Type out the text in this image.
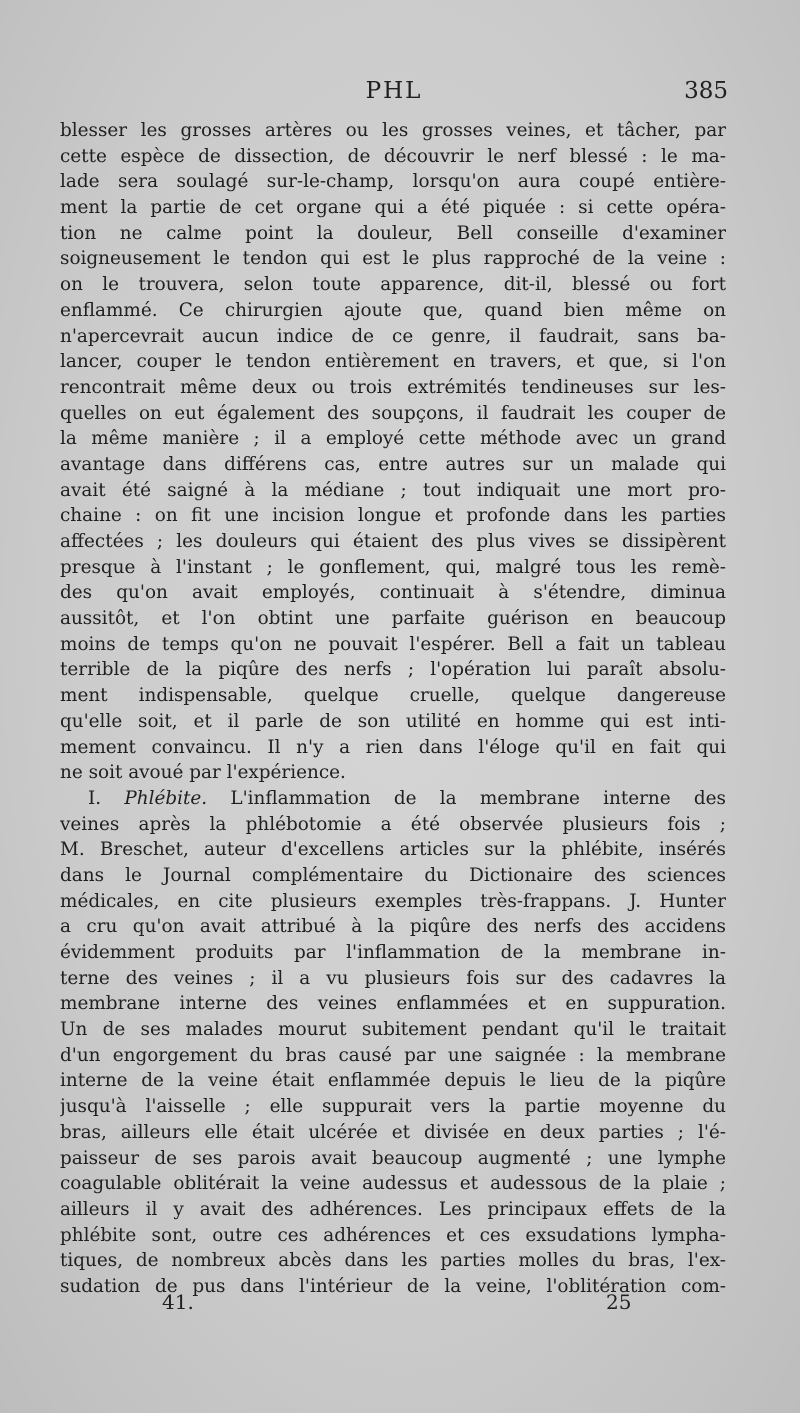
PHL	385
blesser les grosses artères ou les grosses veines, et tâcher, par
cette espèce de dissection, de découvrir le nerf blessé : le ma-
lade sera soulagé sur-le-champ, lorsqu'on aura coupé entière-
ment la partie de cet organe qui a été piquée : si cette opéra-
tion ne calme point la douleur, Bell conseille d'examiner
soigneusement le tendon qui est le plus rapproché de la veine :
on le trouvera, selon toute apparence, dit-il, blessé ou fort
enflammé. Ce chirurgien ajoute que, quand bien même on
n'apercevrait aucun indice de ce genre, il faudrait, sans ba-
lancer, couper le tendon entièrement en travers, et que, si l'on
rencontrait même deux ou trois extrémités tendineuses sur les-
quelles on eut également des soupçons, il faudrait les couper de
la même manière ; il a employé cette méthode avec un grand
avantage dans différens cas, entre autres sur un malade qui
avait été saigné à la médiane ; tout indiquait une mort pro-
chaine : on fit une incision longue et profonde dans les parties
affectées ; les douleurs qui étaient des plus vives se dissipèrent
presque à l'instant ; le gonflement, qui, malgré tous les remè-
des qu'on avait employés, continuait à s'étendre, diminua
aussitôt, et l'on obtint une parfaite guérison en beaucoup
moins de temps qu'on ne pouvait l'espérer. Bell a fait un tableau
terrible de la piqûre des nerfs ; l'opération lui paraît absolu-
ment indispensable, quelque cruelle, quelque dangereuse
qu'elle soit, et il parle de son utilité en homme qui est inti-
mement convaincu. Il n'y a rien dans l'éloge qu'il en fait qui
ne soit avoué par l'expérience.
I. Phlébite. L'inflammation de la membrane interne des
veines après la phlébotomie a été observée plusieurs fois ;
M. Breschet, auteur d'excellens articles sur la phlébite, insérés
dans le Journal complémentaire du Dictionaire des sciences
médicales, en cite plusieurs exemples très-frappans. J. Hunter
a cru qu'on avait attribué à la piqûre des nerfs des accidens
évidemment produits par l'inflammation de la membrane in-
terne des veines ; il a vu plusieurs fois sur des cadavres la
membrane interne des veines enflammées et en suppuration.
Un de ses malades mourut subitement pendant qu'il le traitait
d'un engorgement du bras causé par une saignée : la membrane
interne de la veine était enflammée depuis le lieu de la piqûre
jusqu'à l'aisselle ; elle suppurait vers la partie moyenne du
bras, ailleurs elle était ulcérée et divisée en deux parties ; l'é-
paisseur de ses parois avait beaucoup augmenté ; une lymphe
coagulable oblitérait la veine audessus et audessous de la plaie ;
ailleurs il y avait des adhérences. Les principaux effets de la
phlébite sont, outre ces adhérences et ces exsudations lympha-
tiques, de nombreux abcès dans les parties molles du bras, l'ex-
sudation de pus dans l'intérieur de la veine, l'oblitération com-
41.	25
